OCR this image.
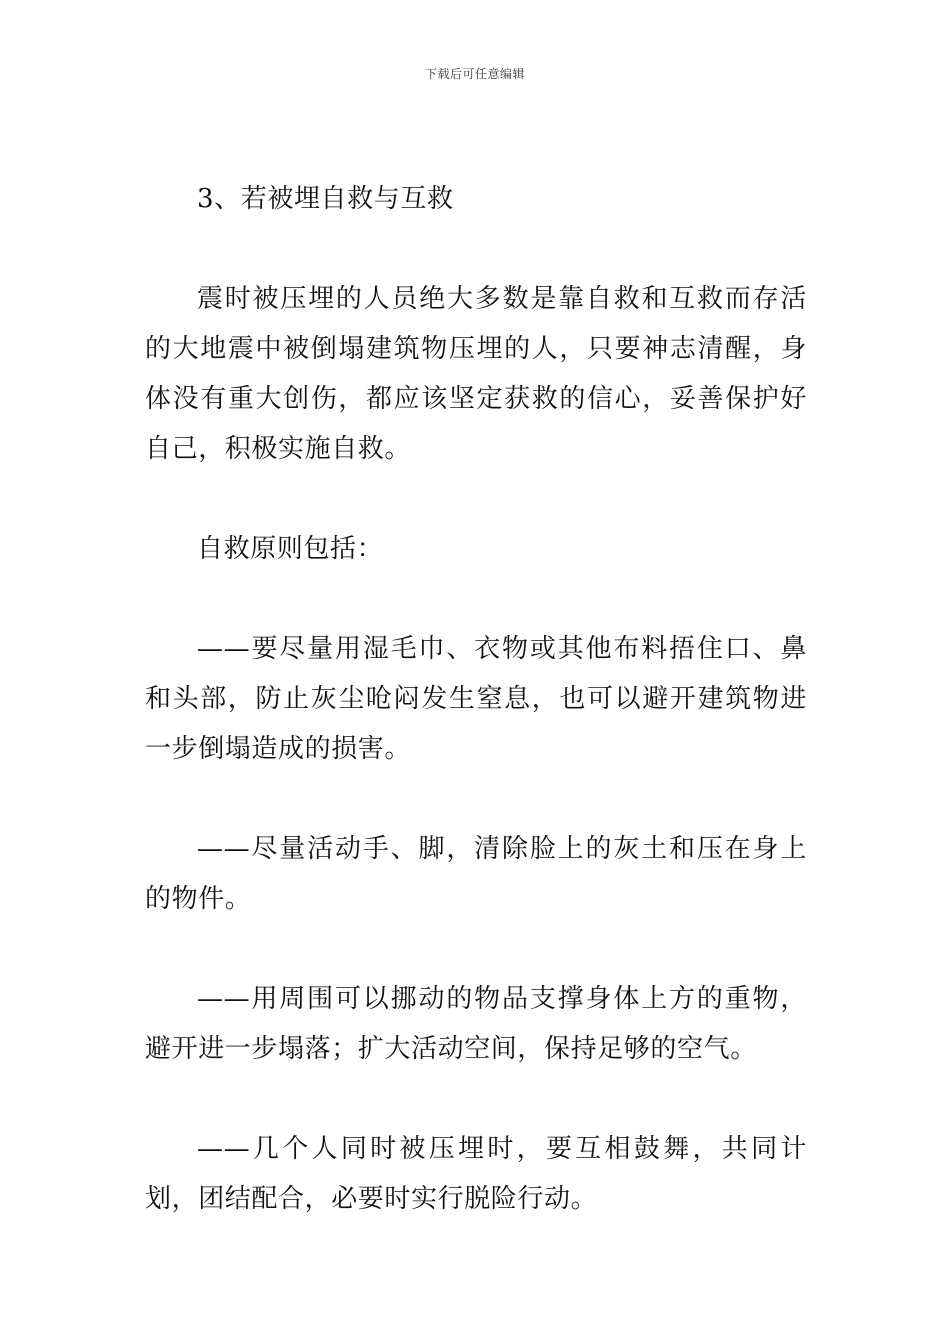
下载后可任意编辑

3、若被埋自救与互救

震时被压埋的人员绝大多数是靠自救和互救而存活的大地震中被倒塌建筑物压埋的人，只要神志清醒，身体没有重大创伤，都应该坚定获救的信心，妥善保护好自己，积极实施自救。

自救原则包括：

——要尽量用湿毛巾、衣物或其他布料捂住口、鼻和头部，防止灰尘呛闷发生窒息，也可以避开建筑物进一步倒塌造成的损害。

——尽量活动手、脚，清除脸上的灰土和压在身上的物件。

——用周围可以挪动的物品支撑身体上方的重物，避开进一步塌落；扩大活动空间，保持足够的空气。

——几个人同时被压埋时，要互相鼓舞，共同计划，团结配合，必要时实行脱险行动。
